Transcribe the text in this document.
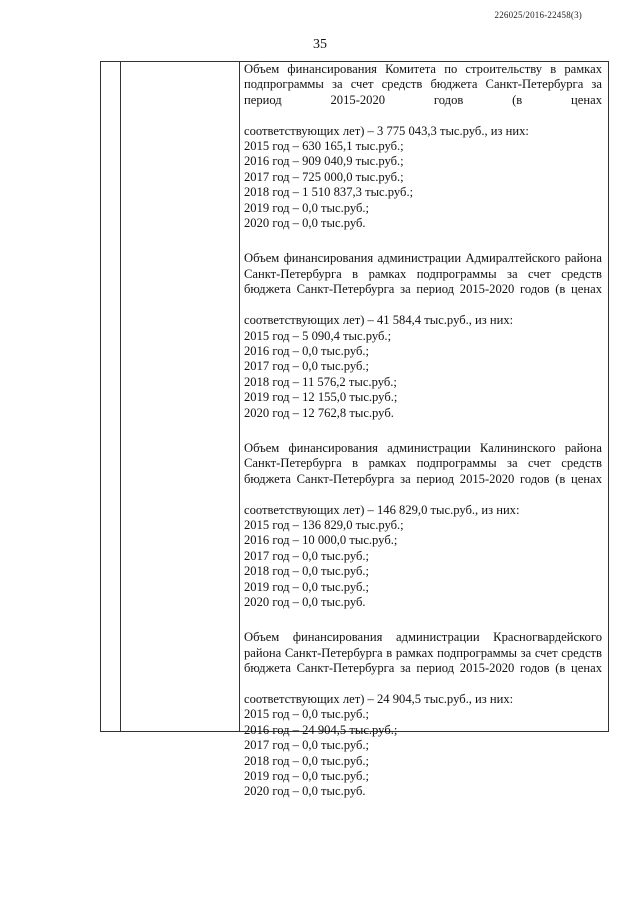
226025/2016-22458(3)
35
Объем финансирования Комитета по строительству в рамках подпрограммы за счет средств бюджета Санкт-Петербурга за период 2015-2020 годов (в ценах
соответствующих лет) – 3 775 043,3 тыс.руб., из них:
2015 год – 630 165,1 тыс.руб.;
2016 год – 909 040,9 тыс.руб.;
2017 год – 725 000,0 тыс.руб.;
2018 год – 1 510 837,3 тыс.руб.;
2019 год – 0,0 тыс.руб.;
2020 год – 0,0 тыс.руб.
Объем финансирования администрации Адмиралтейского района Санкт-Петербурга в рамках подпрограммы за счет средств бюджета Санкт-Петербурга за период 2015-2020 годов (в ценах
соответствующих лет) – 41 584,4 тыс.руб., из них:
2015 год – 5 090,4 тыс.руб.;
2016 год – 0,0 тыс.руб.;
2017 год – 0,0 тыс.руб.;
2018 год – 11 576,2 тыс.руб.;
2019 год – 12 155,0 тыс.руб.;
2020 год – 12 762,8 тыс.руб.
Объем финансирования администрации Калининского района Санкт-Петербурга в рамках подпрограммы за счет средств бюджета Санкт-Петербурга за период 2015-2020 годов (в ценах
соответствующих лет) – 146 829,0 тыс.руб., из них:
2015 год – 136 829,0 тыс.руб.;
2016 год – 10 000,0 тыс.руб.;
2017 год – 0,0 тыс.руб.;
2018 год – 0,0 тыс.руб.;
2019 год – 0,0 тыс.руб.;
2020 год – 0,0 тыс.руб.
Объем финансирования администрации Красногвардейского района Санкт-Петербурга в рамках подпрограммы за счет средств бюджета Санкт-Петербурга за период 2015-2020 годов (в ценах
соответствующих лет) – 24 904,5 тыс.руб., из них:
2015 год – 0,0 тыс.руб.;
2016 год – 24 904,5 тыс.руб.;
2017 год – 0,0 тыс.руб.;
2018 год – 0,0 тыс.руб.;
2019 год – 0,0 тыс.руб.;
2020 год – 0,0 тыс.руб.
